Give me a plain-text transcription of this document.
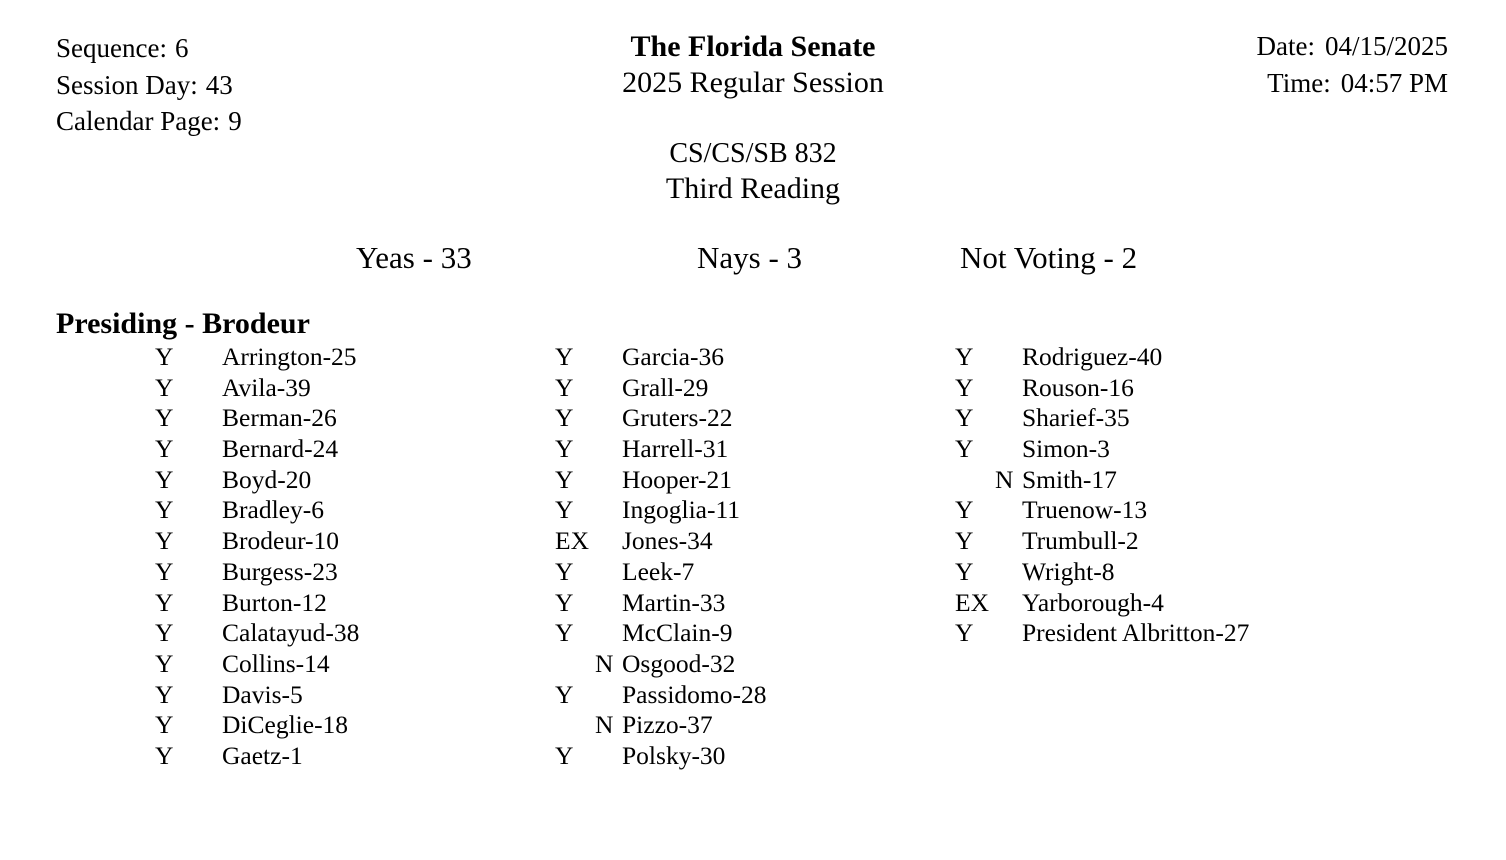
Sequence: 6
Session Day: 43
Calendar Page: 9
The Florida Senate
2025 Regular Session
CS/CS/SB 832
Third Reading
Date: 04/15/2025
Time: 04:57 PM
Yeas - 33	Nays - 3	Not Voting - 2
Presiding - Brodeur
Y	Arrington-25
Y	Avila-39
Y	Berman-26
Y	Bernard-24
Y	Boyd-20
Y	Bradley-6
Y	Brodeur-10
Y	Burgess-23
Y	Burton-12
Y	Calatayud-38
Y	Collins-14
Y	Davis-5
Y	DiCeglie-18
Y	Gaetz-1
Y	Garcia-36
Y	Grall-29
Y	Gruters-22
Y	Harrell-31
Y	Hooper-21
Y	Ingoglia-11
EX	Jones-34
Y	Leek-7
Y	Martin-33
Y	McClain-9
N Osgood-32
Y	Passidomo-28
N Pizzo-37
Y	Polsky-30
Y	Rodriguez-40
Y	Rouson-16
Y	Sharief-35
Y	Simon-3
N Smith-17
Y	Truenow-13
Y	Trumbull-2
Y	Wright-8
EX	Yarborough-4
Y	President Albritton-27
